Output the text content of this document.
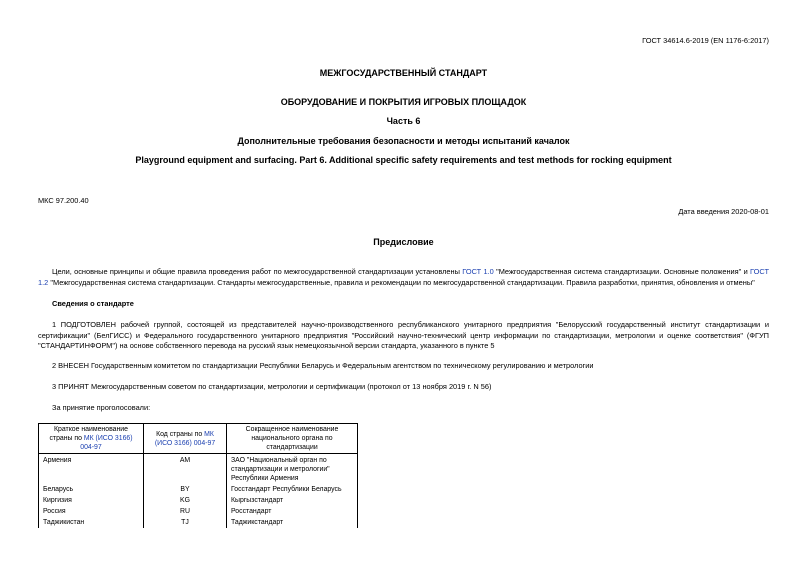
ГОСТ 34614.6-2019 (EN 1176-6:2017)
МЕЖГОСУДАРСТВЕННЫЙ СТАНДАРТ
ОБОРУДОВАНИЕ И ПОКРЫТИЯ ИГРОВЫХ ПЛОЩАДОК
Часть 6
Дополнительные требования безопасности и методы испытаний качалок
Playground equipment and surfacing. Part 6. Additional specific safety requirements and test methods for rocking equipment
МКС 97.200.40
Дата введения 2020-08-01
Предисловие
Цели, основные принципы и общие правила проведения работ по межгосударственной стандартизации установлены ГОСТ 1.0 "Межгосударственная система стандартизации. Основные положения" и ГОСТ 1.2 "Межгосударственная система стандартизации. Стандарты межгосударственные, правила и рекомендации по межгосударственной стандартизации. Правила разработки, принятия, обновления и отмены"
Сведения о стандарте
1 ПОДГОТОВЛЕН рабочей группой, состоящей из представителей научно-производственного республиканского унитарного предприятия "Белорусский государственный институт стандартизации и сертификации" (БелГИСС) и Федерального государственного унитарного предприятия "Российский научно-технический центр информации по стандартизации, метрологии и оценке соответствия" (ФГУП "СТАНДАРТИНФОРМ") на основе собственного перевода на русский язык немецкоязычной версии стандарта, указанного в пункте 5
2 ВНЕСЕН Государственным комитетом по стандартизации Республики Беларусь и Федеральным агентством по техническому регулированию и метрологии
3 ПРИНЯТ Межгосударственным советом по стандартизации, метрологии и сертификации (протокол от 13 ноября 2019 г. N 56)
За принятие проголосовали:
Краткое наименование страны по МК (ИСО 3166) 004-97	Код страны по МК (ИСО 3166) 004-97	Сокращенное наименование национального органа по стандартизации
Армения	AM	ЗАО "Национальный орган по стандартизации и метрологии" Республики Армения
Беларусь	BY	Госстандарт Республики Беларусь
Киргизия	KG	Кыргызстандарт
Россия	RU	Росстандарт
Таджикистан	TJ	Таджикстандарт
